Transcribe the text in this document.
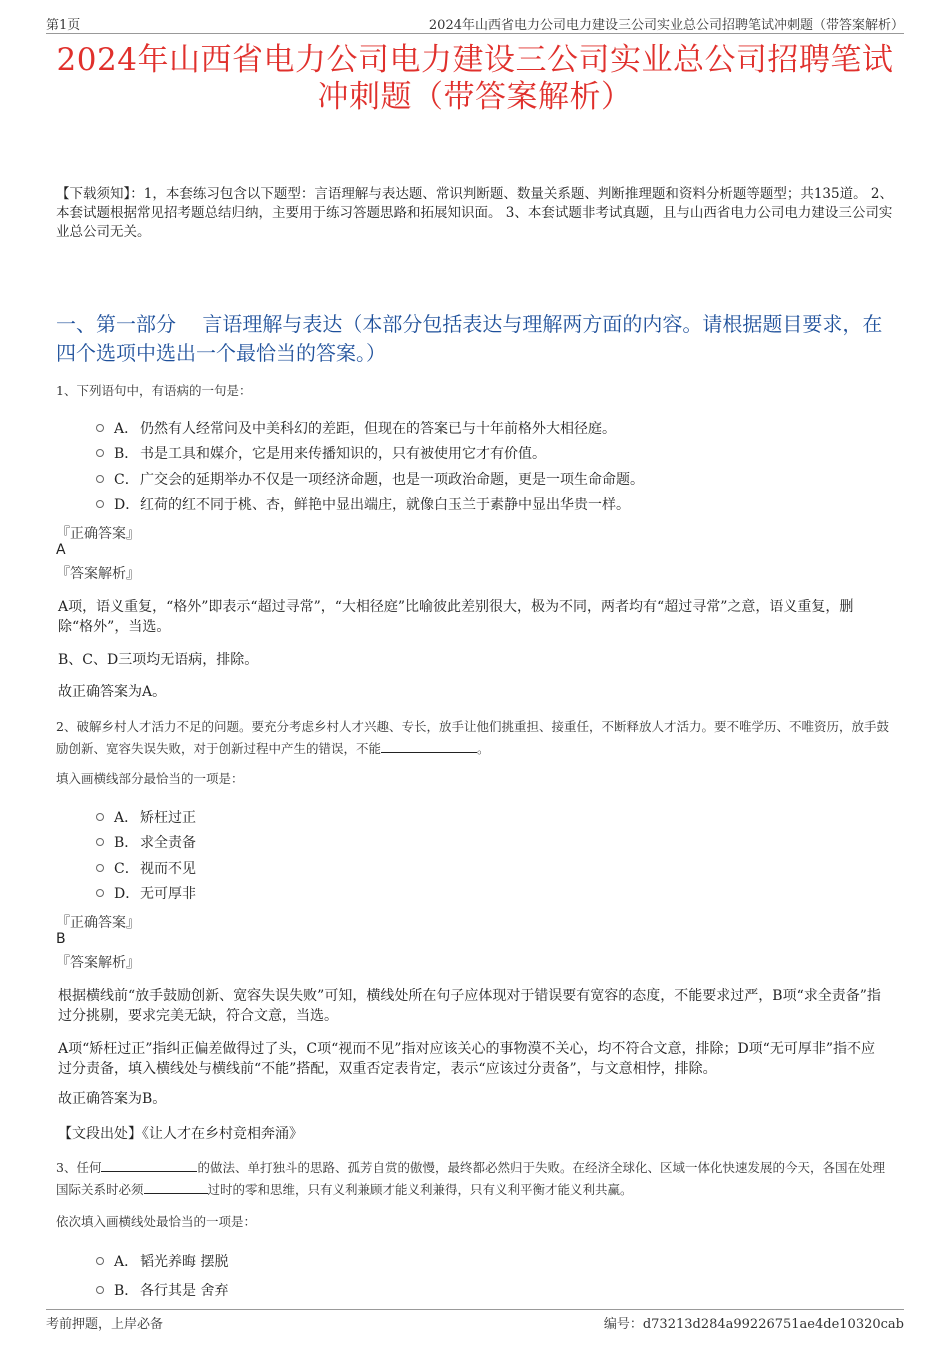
第1页	2024年山西省电力公司电力建设三公司实业总公司招聘笔试冲刺题（带答案解析）
2024年山西省电力公司电力建设三公司实业总公司招聘笔试冲刺题（带答案解析）
【下载须知】：1，本套练习包含以下题型：言语理解与表达题、常识判断题、数量关系题、判断推理题和资料分析题等题型；共135道。 2、本套试题根据常见招考题总结归纳，主要用于练习答题思路和拓展知识面。 3、本套试题非考试真题，且与山西省电力公司电力建设三公司实业总公司无关。
一、第一部分　 言语理解与表达（本部分包括表达与理解两方面的内容。请根据题目要求，在四个选项中选出一个最恰当的答案。）
1、下列语句中，有语病的一句是：
A． 仍然有人经常问及中美科幻的差距，但现在的答案已与十年前格外大相径庭。
B． 书是工具和媒介，它是用来传播知识的，只有被使用它才有价值。
C． 广交会的延期举办不仅是一项经济命题，也是一项政治命题，更是一项生命命题。
D． 红荷的红不同于桃、杏，鲜艳中显出端庄，就像白玉兰于素静中显出华贵一样。
『正确答案』
A
『答案解析』
A项，语义重复，“格外”即表示“超过寻常”，“大相径庭”比喻彼此差别很大，极为不同，两者均有“超过寻常”之意，语义重复，删除“格外”，当选。
B、C、D三项均无语病，排除。
故正确答案为A。
2、破解乡村人才活力不足的问题。要充分考虑乡村人才兴趣、专长，放手让他们挑重担、接重任，不断释放人才活力。要不唯学历、不唯资历，放手鼓励创新、宽容失误失败，对于创新过程中产生的错误，不能	。
填入画横线部分最恰当的一项是：
A． 矫枉过正
B． 求全责备
C． 视而不见
D． 无可厚非
『正确答案』
B
『答案解析』
根据横线前“放手鼓励创新、宽容失误失败”可知，横线处所在句子应体现对于错误要有宽容的态度，不能要求过严，B项“求全责备”指过分挑剔，要求完美无缺，符合文意，当选。
A项“矫枉过正”指纠正偏差做得过了头，C项“视而不见”指对应该关心的事物漠不关心，均不符合文意，排除；D项“无可厚非”指不应过分责备，填入横线处与横线前“不能”搭配，双重否定表肯定，表示“应该过分责备”，与文意相悖，排除。
故正确答案为B。
【文段出处】《让人才在乡村竞相奔涌》
3、任何	的做法、单打独斗的思路、孤芳自赏的傲慢，最终都必然归于失败。在经济全球化、区域一体化快速发展的今天，各国在处理国际关系时必须	过时的零和思维，只有义利兼顾才能义利兼得，只有义利平衡才能义利共赢。
依次填入画横线处最恰当的一项是：
A． 韬光养晦 摆脱
B． 各行其是 舍弃
考前押题，上岸必备	编号：d73213d284a99226751ae4de10320cab
